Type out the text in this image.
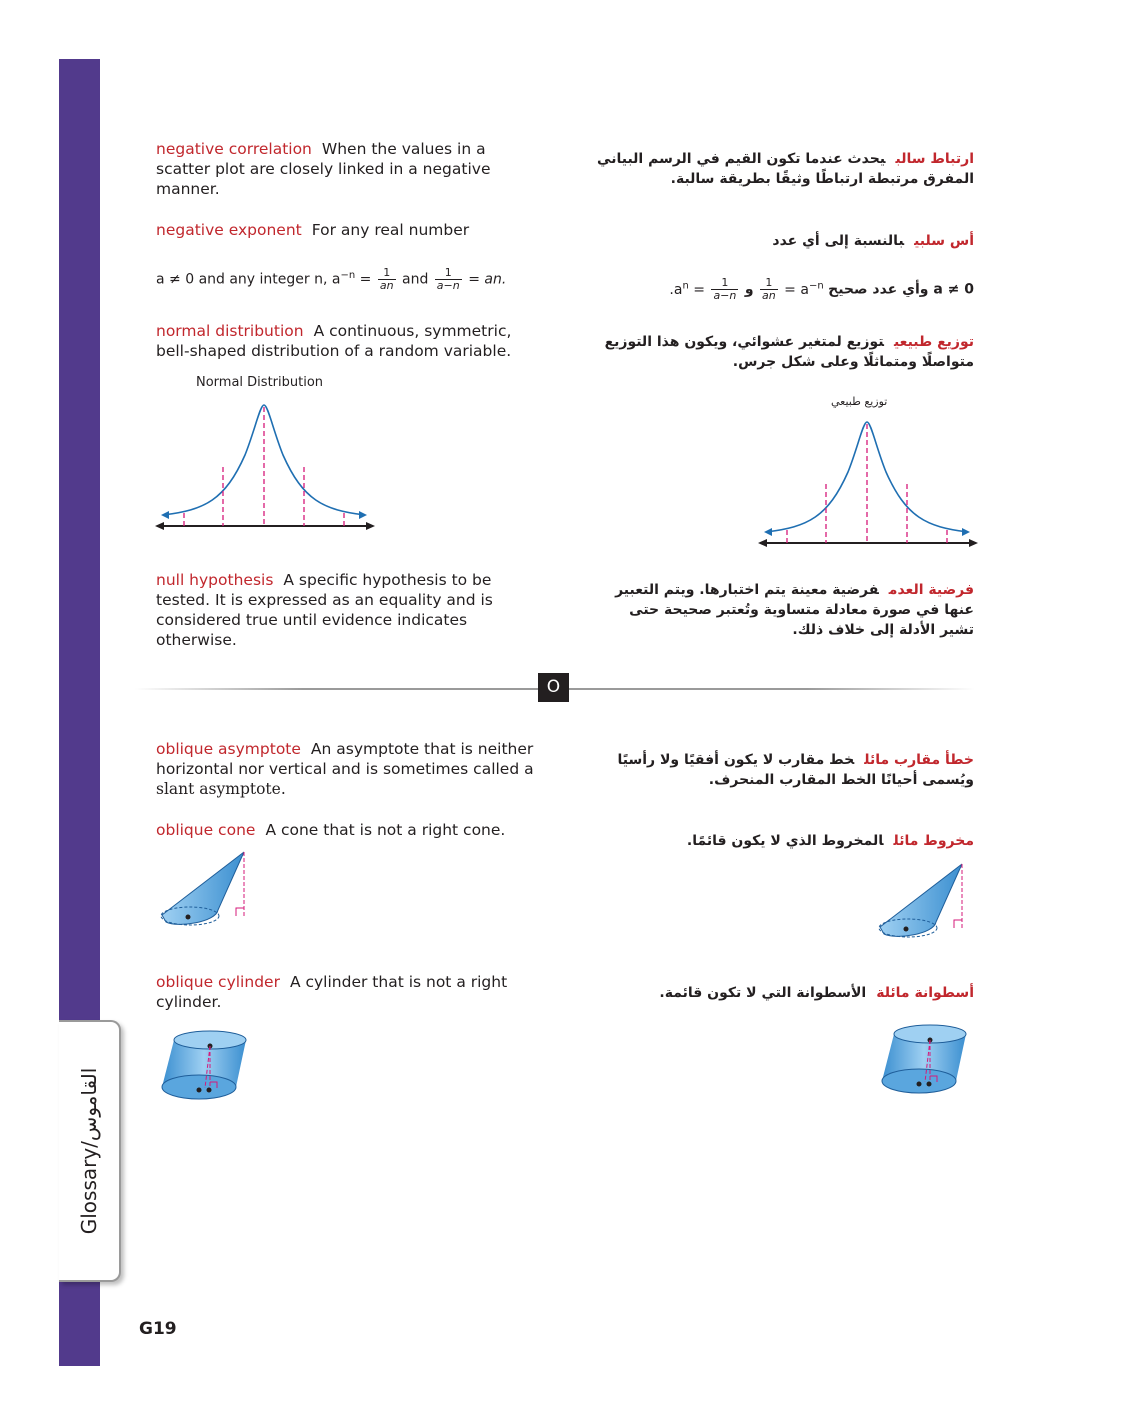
Glossary/القاموس
G19
negative correlation When the values in a scatter plot are closely linked in a negative manner.
ارتباط سالبيحدث عندما تكون القيم في الرسم البياني المفرق مرتبطة ارتباطًا وثيقًا بطريقة سالبة.
negative exponent For any real number
a ≠ 0 and any integer n, $a^{-n} = \frac{1}{an}$ and $\frac{1}{a-n}$ = an.
أس سلبيبالنسبة إلى أي عدد
a ≠ 0 وأي عدد صحيح $a^{-n}$ =
$\frac{1}{an}$
و
$\frac{1}{a-n}$
= $a^n$.
normal distribution A continuous, symmetric, bell-shaped distribution of a random variable.	توزيع طبيعيتوزيع لمتغير عشوائي، ويكون هذا التوزيع متواصلًا ومتماثلًا وعلى شكل جرس.
Normal Distribution
توزيع طبيعي
null hypothesis A specific hypothesis to be tested. It is expressed as an equality and is considered true until evidence indicates otherwise.
فرضية العدمفرضية معينة يتم اختبارها. ويتم التعبير عنها في صورة معادلة متساوية وتُعتبر صحيحة حتى تشير الأدلة إلى خلاف ذلك.
O
oblique asymptote An asymptote that is neither horizontal nor vertical and is sometimes called a slant asymptote.
خطأ مقارب مائلخط مقارب لا يكون أفقيًا ولا رأسيًا ويُسمى أحيانًا الخط المقارب المنحرف.
oblique cone A cone that is not a right cone.
مخروط مائلالمخروط الذي لا يكون قائمًا.
oblique cylinder A cylinder that is not a right cylinder.	أسطوانة مائلةالأسطوانة التي لا تكون قائمة.
